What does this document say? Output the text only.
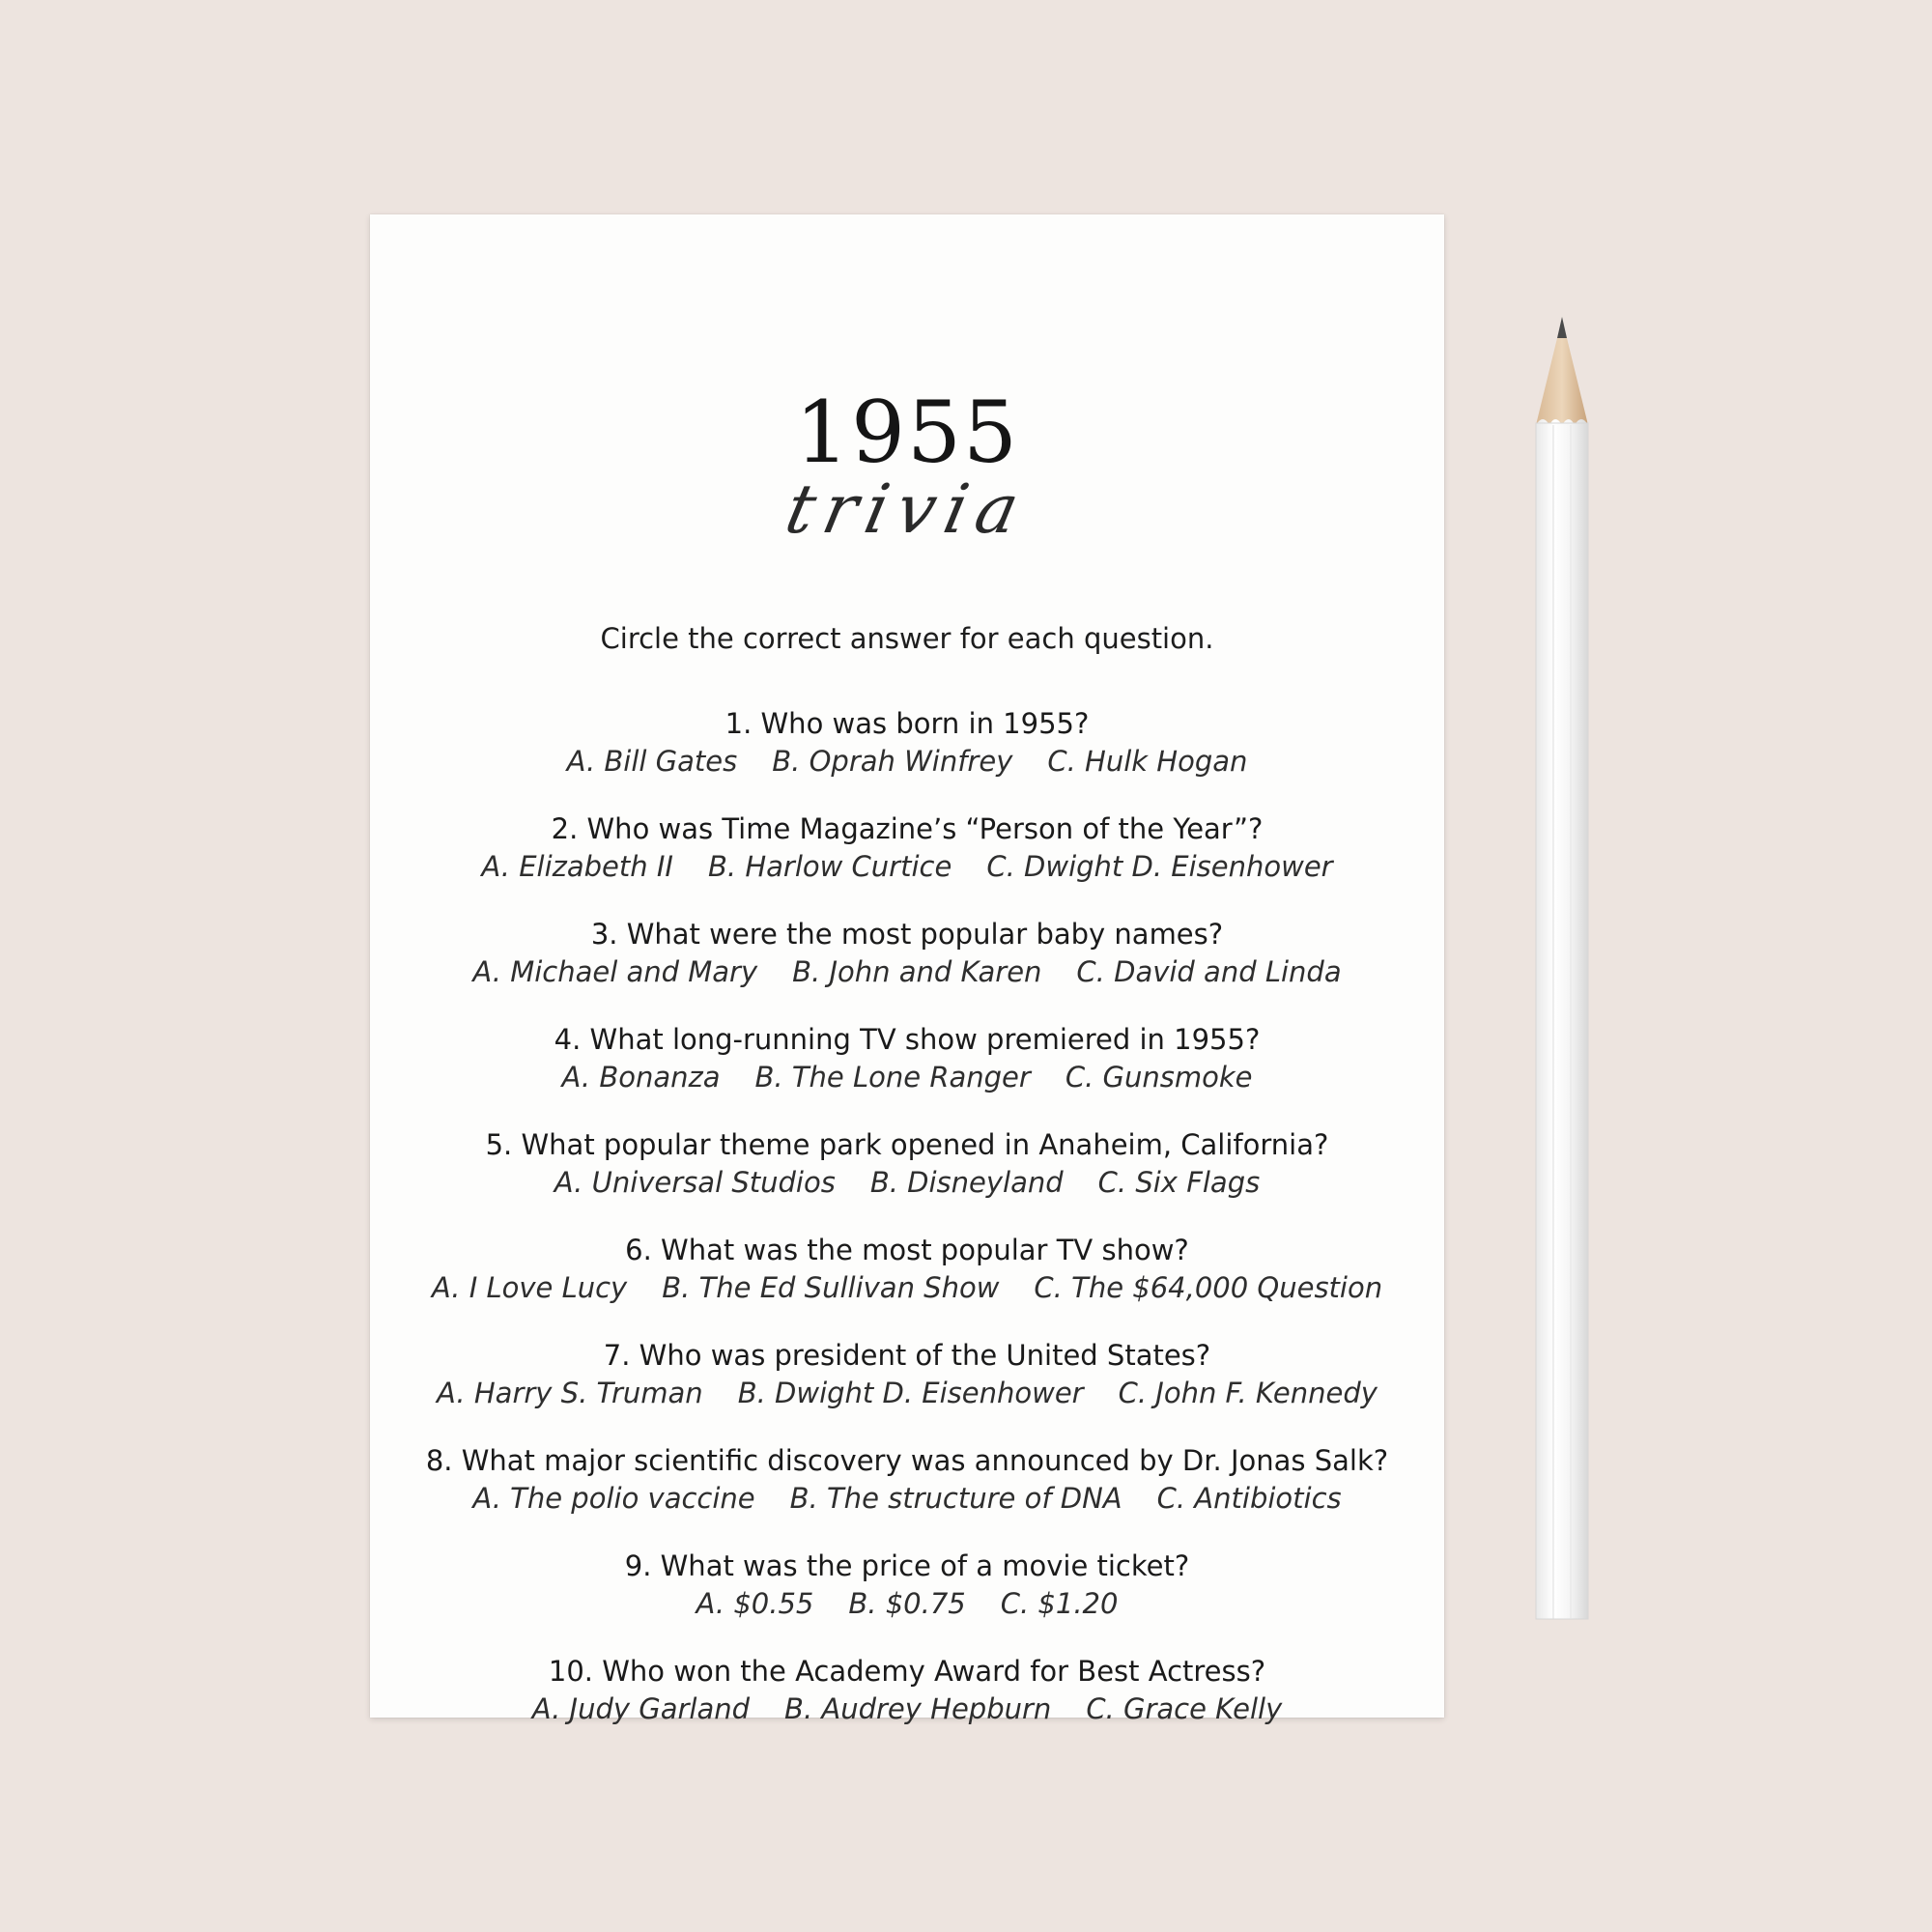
1955
trivia
Circle the correct answer for each question.
1. Who was born in 1955?
A. Bill Gates B. Oprah Winfrey C. Hulk Hogan
2. Who was Time Magazine’s “Person of the Year”?
A. Elizabeth II B. Harlow Curtice C. Dwight D. Eisenhower
3. What were the most popular baby names?
A. Michael and Mary B. John and Karen C. David and Linda
4. What long-running TV show premiered in 1955?
A. Bonanza B. The Lone Ranger C. Gunsmoke
5. What popular theme park opened in Anaheim, California?
A. Universal Studios B. Disneyland C. Six Flags
6. What was the most popular TV show?
A. I Love Lucy B. The Ed Sullivan Show C. The $64,000 Question
7. Who was president of the United States?
A. Harry S. Truman B. Dwight D. Eisenhower C. John F. Kennedy
8. What major scientific discovery was announced by Dr. Jonas Salk?
A. The polio vaccine B. The structure of DNA C. Antibiotics
9. What was the price of a movie ticket?
A. $0.55 B. $0.75 C. $1.20
10. Who won the Academy Award for Best Actress?
A. Judy Garland B. Audrey Hepburn C. Grace Kelly
